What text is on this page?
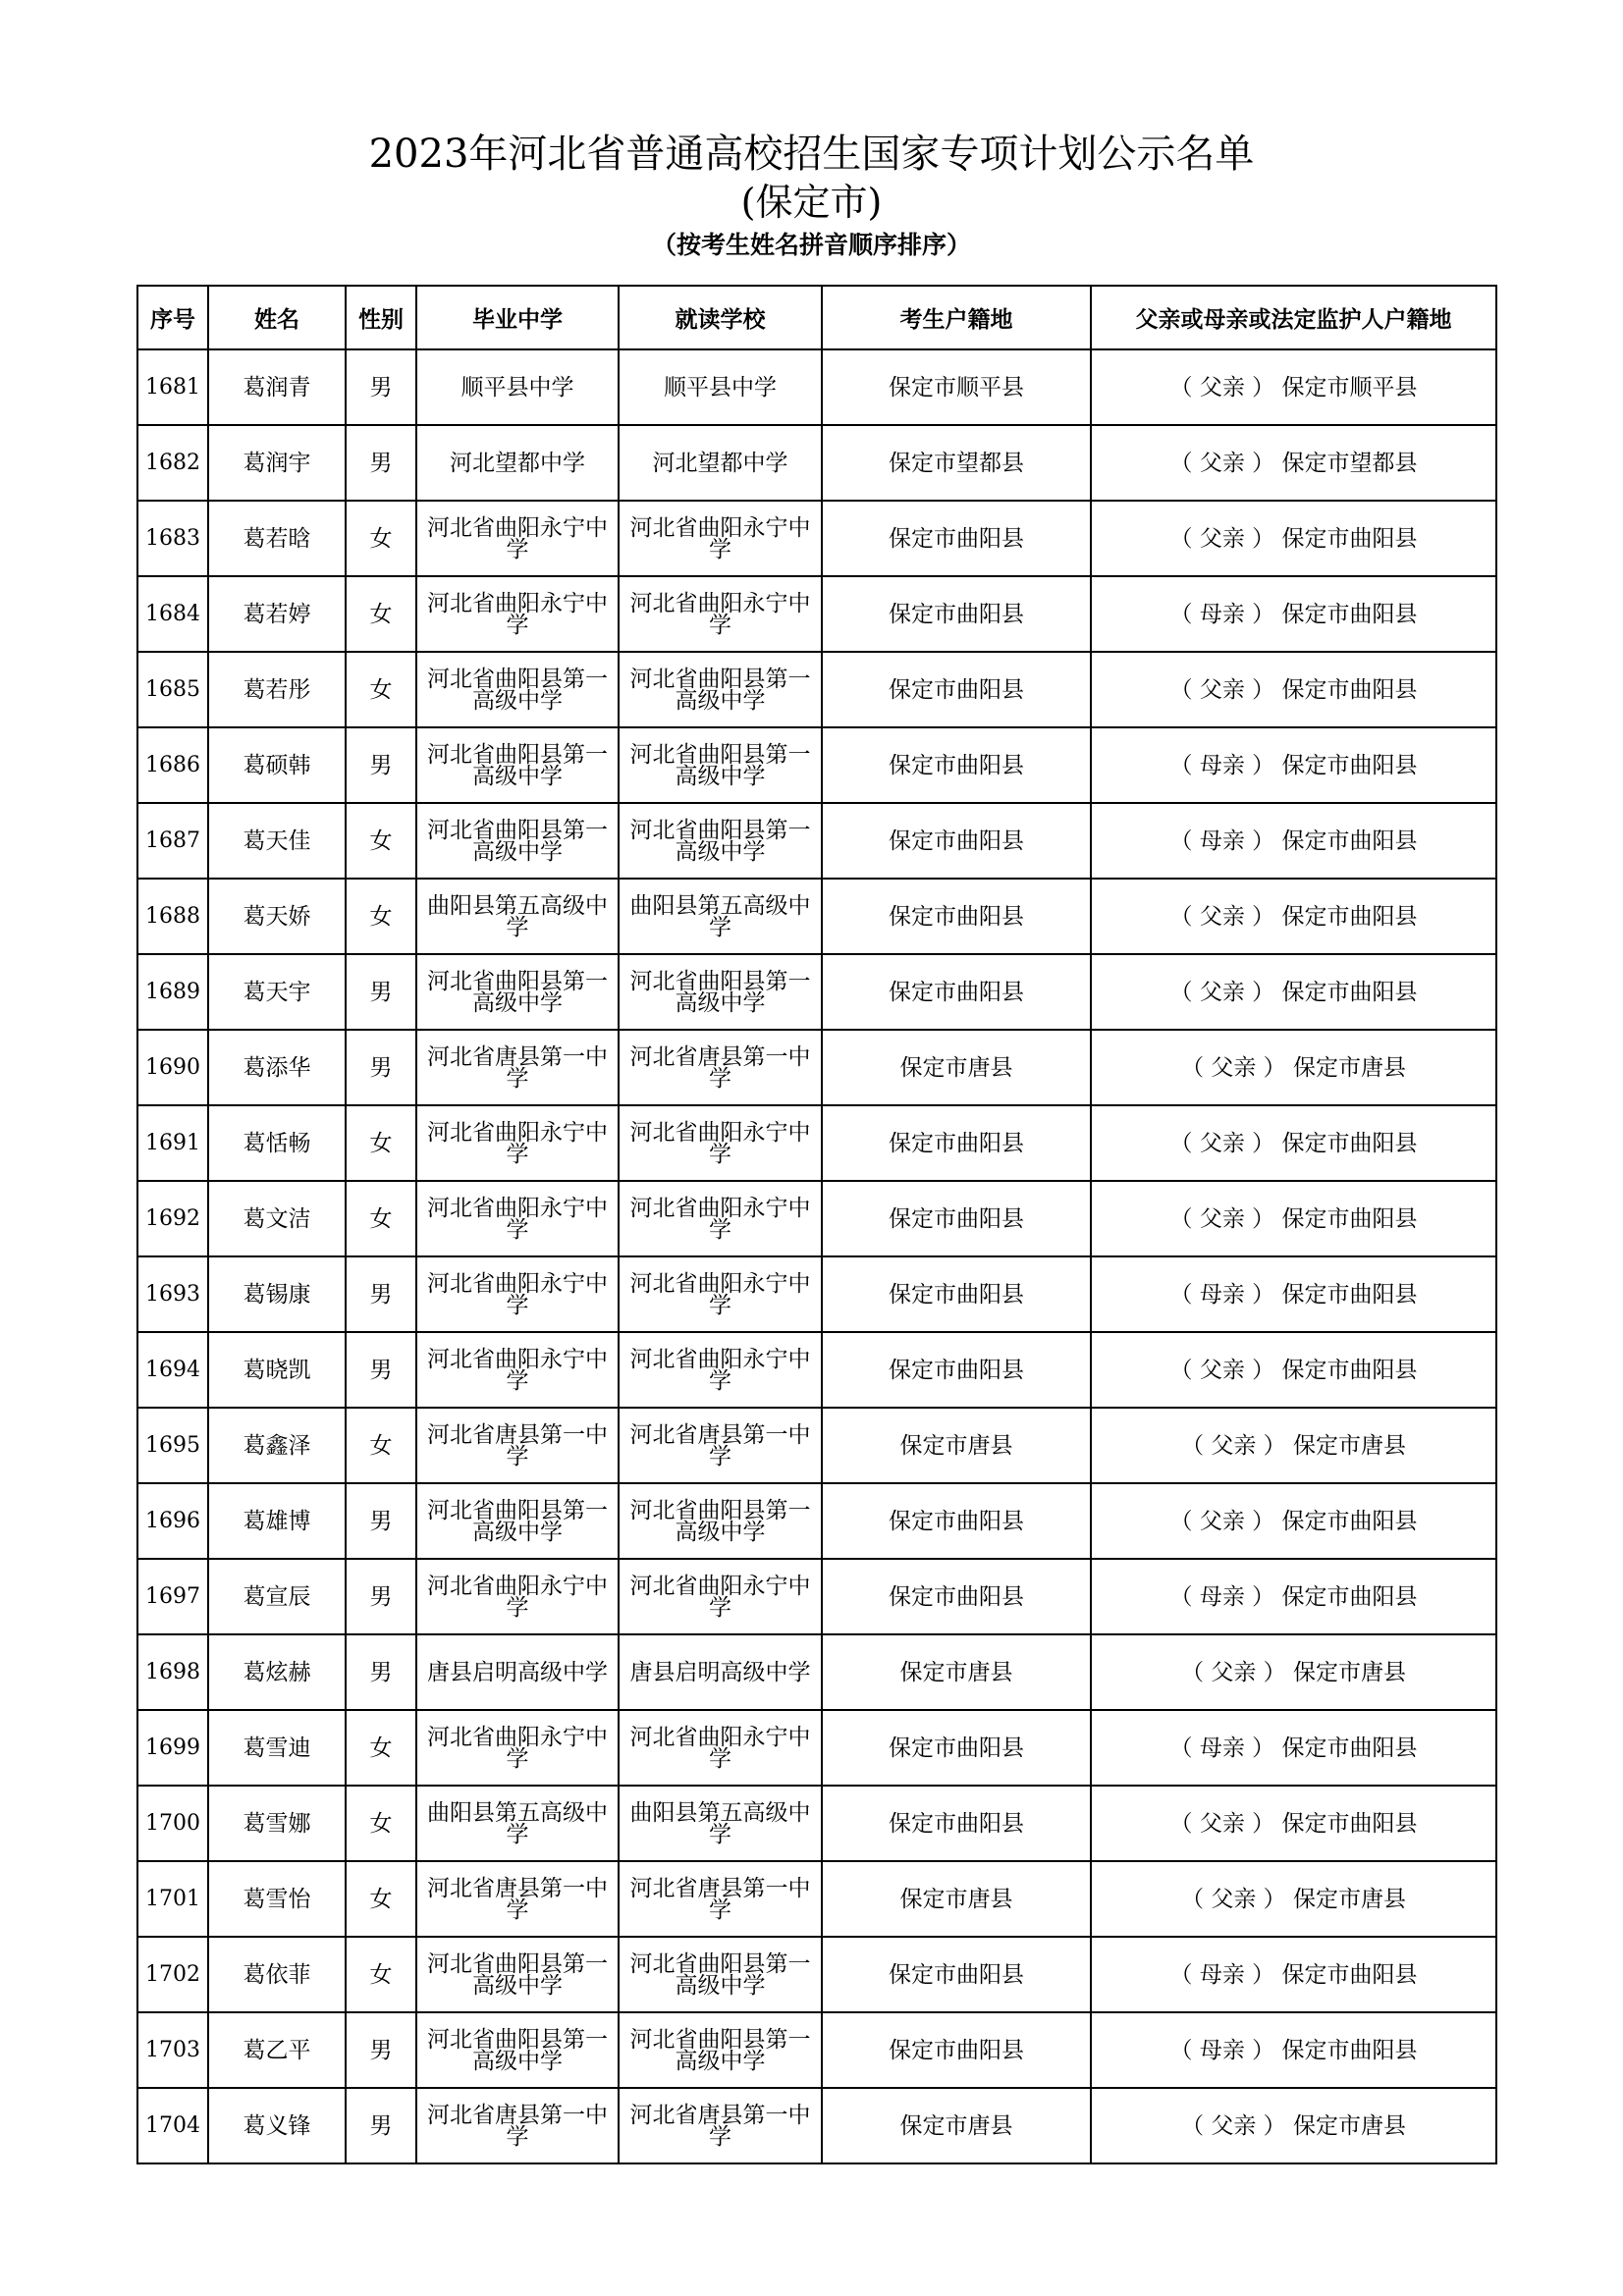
2023年河北省普通高校招生国家专项计划公示名单
(保定市)
（按考生姓名拼音顺序排序）
序号	姓名	性别	毕业中学	就读学校	考生户籍地	父亲或母亲或法定监护人户籍地
1681	葛润青	男	顺平县中学	顺平县中学	保定市顺平县	（ 父亲 ） 保定市顺平县
1682	葛润宇	男	河北望都中学	河北望都中学	保定市望都县	（ 父亲 ） 保定市望都县
1683	葛若晗	女	河北省曲阳永宁中学	河北省曲阳永宁中学	保定市曲阳县	（ 父亲 ） 保定市曲阳县
1684	葛若婷	女	河北省曲阳永宁中学	河北省曲阳永宁中学	保定市曲阳县	（ 母亲 ） 保定市曲阳县
1685	葛若彤	女	河北省曲阳县第一高级中学	河北省曲阳县第一高级中学	保定市曲阳县	（ 父亲 ） 保定市曲阳县
1686	葛硕韩	男	河北省曲阳县第一高级中学	河北省曲阳县第一高级中学	保定市曲阳县	（ 母亲 ） 保定市曲阳县
1687	葛天佳	女	河北省曲阳县第一高级中学	河北省曲阳县第一高级中学	保定市曲阳县	（ 母亲 ） 保定市曲阳县
1688	葛天娇	女	曲阳县第五高级中学	曲阳县第五高级中学	保定市曲阳县	（ 父亲 ） 保定市曲阳县
1689	葛天宇	男	河北省曲阳县第一高级中学	河北省曲阳县第一高级中学	保定市曲阳县	（ 父亲 ） 保定市曲阳县
1690	葛添华	男	河北省唐县第一中学	河北省唐县第一中学	保定市唐县	（ 父亲 ） 保定市唐县
1691	葛恬畅	女	河北省曲阳永宁中学	河北省曲阳永宁中学	保定市曲阳县	（ 父亲 ） 保定市曲阳县
1692	葛文洁	女	河北省曲阳永宁中学	河北省曲阳永宁中学	保定市曲阳县	（ 父亲 ） 保定市曲阳县
1693	葛锡康	男	河北省曲阳永宁中学	河北省曲阳永宁中学	保定市曲阳县	（ 母亲 ） 保定市曲阳县
1694	葛晓凯	男	河北省曲阳永宁中学	河北省曲阳永宁中学	保定市曲阳县	（ 父亲 ） 保定市曲阳县
1695	葛鑫泽	女	河北省唐县第一中学	河北省唐县第一中学	保定市唐县	（ 父亲 ） 保定市唐县
1696	葛雄博	男	河北省曲阳县第一高级中学	河北省曲阳县第一高级中学	保定市曲阳县	（ 父亲 ） 保定市曲阳县
1697	葛宣辰	男	河北省曲阳永宁中学	河北省曲阳永宁中学	保定市曲阳县	（ 母亲 ） 保定市曲阳县
1698	葛炫赫	男	唐县启明高级中学	唐县启明高级中学	保定市唐县	（ 父亲 ） 保定市唐县
1699	葛雪迪	女	河北省曲阳永宁中学	河北省曲阳永宁中学	保定市曲阳县	（ 母亲 ） 保定市曲阳县
1700	葛雪娜	女	曲阳县第五高级中学	曲阳县第五高级中学	保定市曲阳县	（ 父亲 ） 保定市曲阳县
1701	葛雪怡	女	河北省唐县第一中学	河北省唐县第一中学	保定市唐县	（ 父亲 ） 保定市唐县
1702	葛依菲	女	河北省曲阳县第一高级中学	河北省曲阳县第一高级中学	保定市曲阳县	（ 母亲 ） 保定市曲阳县
1703	葛乙平	男	河北省曲阳县第一高级中学	河北省曲阳县第一高级中学	保定市曲阳县	（ 母亲 ） 保定市曲阳县
1704	葛义锋	男	河北省唐县第一中学	河北省唐县第一中学	保定市唐县	（ 父亲 ） 保定市唐县
